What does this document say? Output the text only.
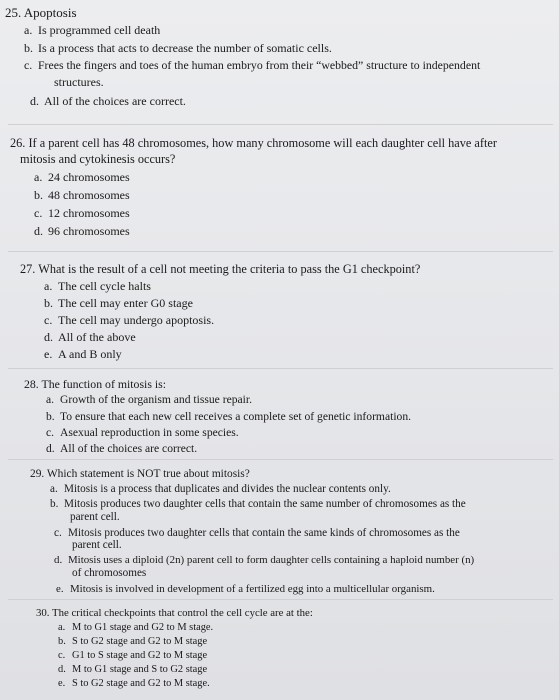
25. Apoptosis
a. Is programmed cell death
b. Is a process that acts to decrease the number of somatic cells.
c. Frees the fingers and toes of the human embryo from their “webbed” structure to independent
structures.
d. All of the choices are correct.
26. If a parent cell has 48 chromosomes, how many chromosome will each daughter cell have after
mitosis and cytokinesis occurs?
a. 24 chromosomes
b. 48 chromosomes
c. 12 chromosomes
d. 96 chromosomes
27. What is the result of a cell not meeting the criteria to pass the G1 checkpoint?
a. The cell cycle halts
b. The cell may enter G0 stage
c. The cell may undergo apoptosis.
d. All of the above
e. A and B only
28. The function of mitosis is:
a. Growth of the organism and tissue repair.
b. To ensure that each new cell receives a complete set of genetic information.
c. Asexual reproduction in some species.
d. All of the choices are correct.
29. Which statement is NOT true about mitosis?
a. Mitosis is a process that duplicates and divides the nuclear contents only.
b. Mitosis produces two daughter cells that contain the same number of chromosomes as the
parent cell.
c. Mitosis produces two daughter cells that contain the same kinds of chromosomes as the
parent cell.
d. Mitosis uses a diploid (2n) parent cell to form daughter cells containing a haploid number (n)
of chromosomes
e. Mitosis is involved in development of a fertilized egg into a multicellular organism.
30. The critical checkpoints that control the cell cycle are at the:
a. M to G1 stage and G2 to M stage.
b. S to G2 stage and G2 to M stage
c. G1 to S stage and G2 to M stage
d. M to G1 stage and S to G2 stage
e. S to G2 stage and G2 to M stage.
